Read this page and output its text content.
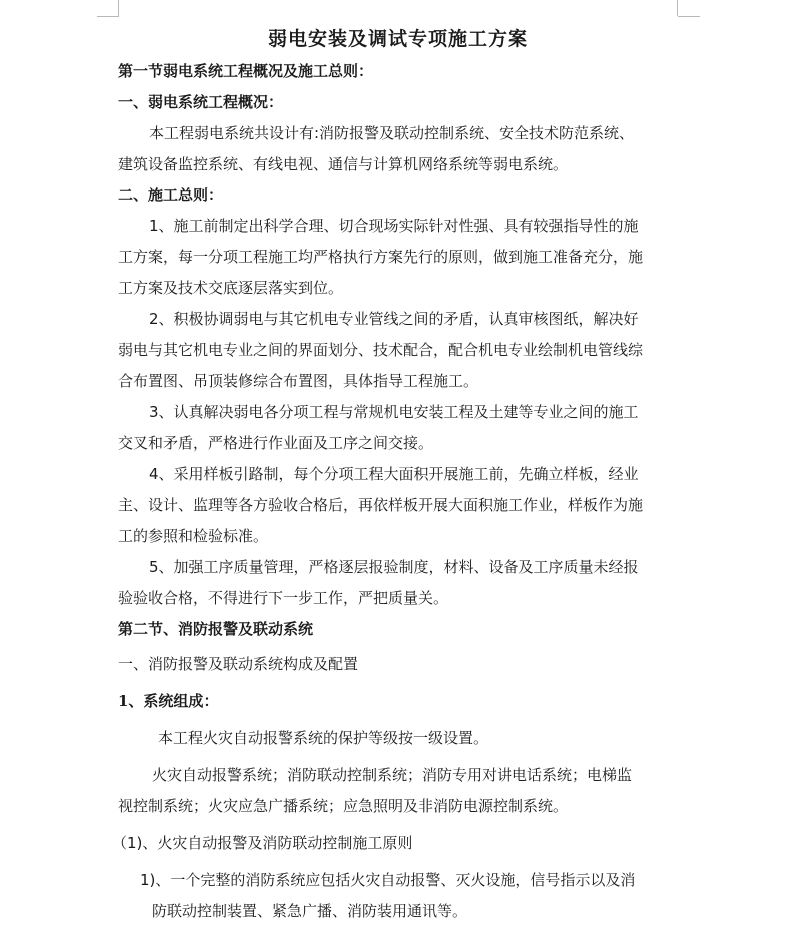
弱电安装及调试专项施工方案
第一节弱电系统工程概况及施工总则：
一、弱电系统工程概况：
本工程弱电系统共设计有:消防报警及联动控制系统、安全技术防范系统、
建筑设备监控系统、有线电视、通信与计算机网络系统等弱电系统。
二、施工总则：
1、施工前制定出科学合理、切合现场实际针对性强、具有较强指导性的施
工方案，每一分项工程施工均严格执行方案先行的原则，做到施工准备充分，施
工方案及技术交底逐层落实到位。
2、积极协调弱电与其它机电专业管线之间的矛盾，认真审核图纸，解决好
弱电与其它机电专业之间的界面划分、技术配合，配合机电专业绘制机电管线综
合布置图、吊顶装修综合布置图，具体指导工程施工。
3、认真解决弱电各分项工程与常规机电安装工程及土建等专业之间的施工
交叉和矛盾，严格进行作业面及工序之间交接。
4、采用样板引路制，每个分项工程大面积开展施工前，先确立样板，经业
主、设计、监理等各方验收合格后，再依样板开展大面积施工作业，样板作为施
工的参照和检验标准。
5、加强工序质量管理，严格逐层报验制度，材料、设备及工序质量未经报
验验收合格，不得进行下一步工作，严把质量关。
第二节、消防报警及联动系统
一、消防报警及联动系统构成及配置
1、系统组成：
本工程火灾自动报警系统的保护等级按一级设置。
火灾自动报警系统；消防联动控制系统；消防专用对讲电话系统；电梯监
视控制系统；火灾应急广播系统；应急照明及非消防电源控制系统。
（1)、火灾自动报警及消防联动控制施工原则
1)、一个完整的消防系统应包括火灾自动报警、灭火设施，信号指示以及消
防联动控制装置、紧急广播、消防装用通讯等。
